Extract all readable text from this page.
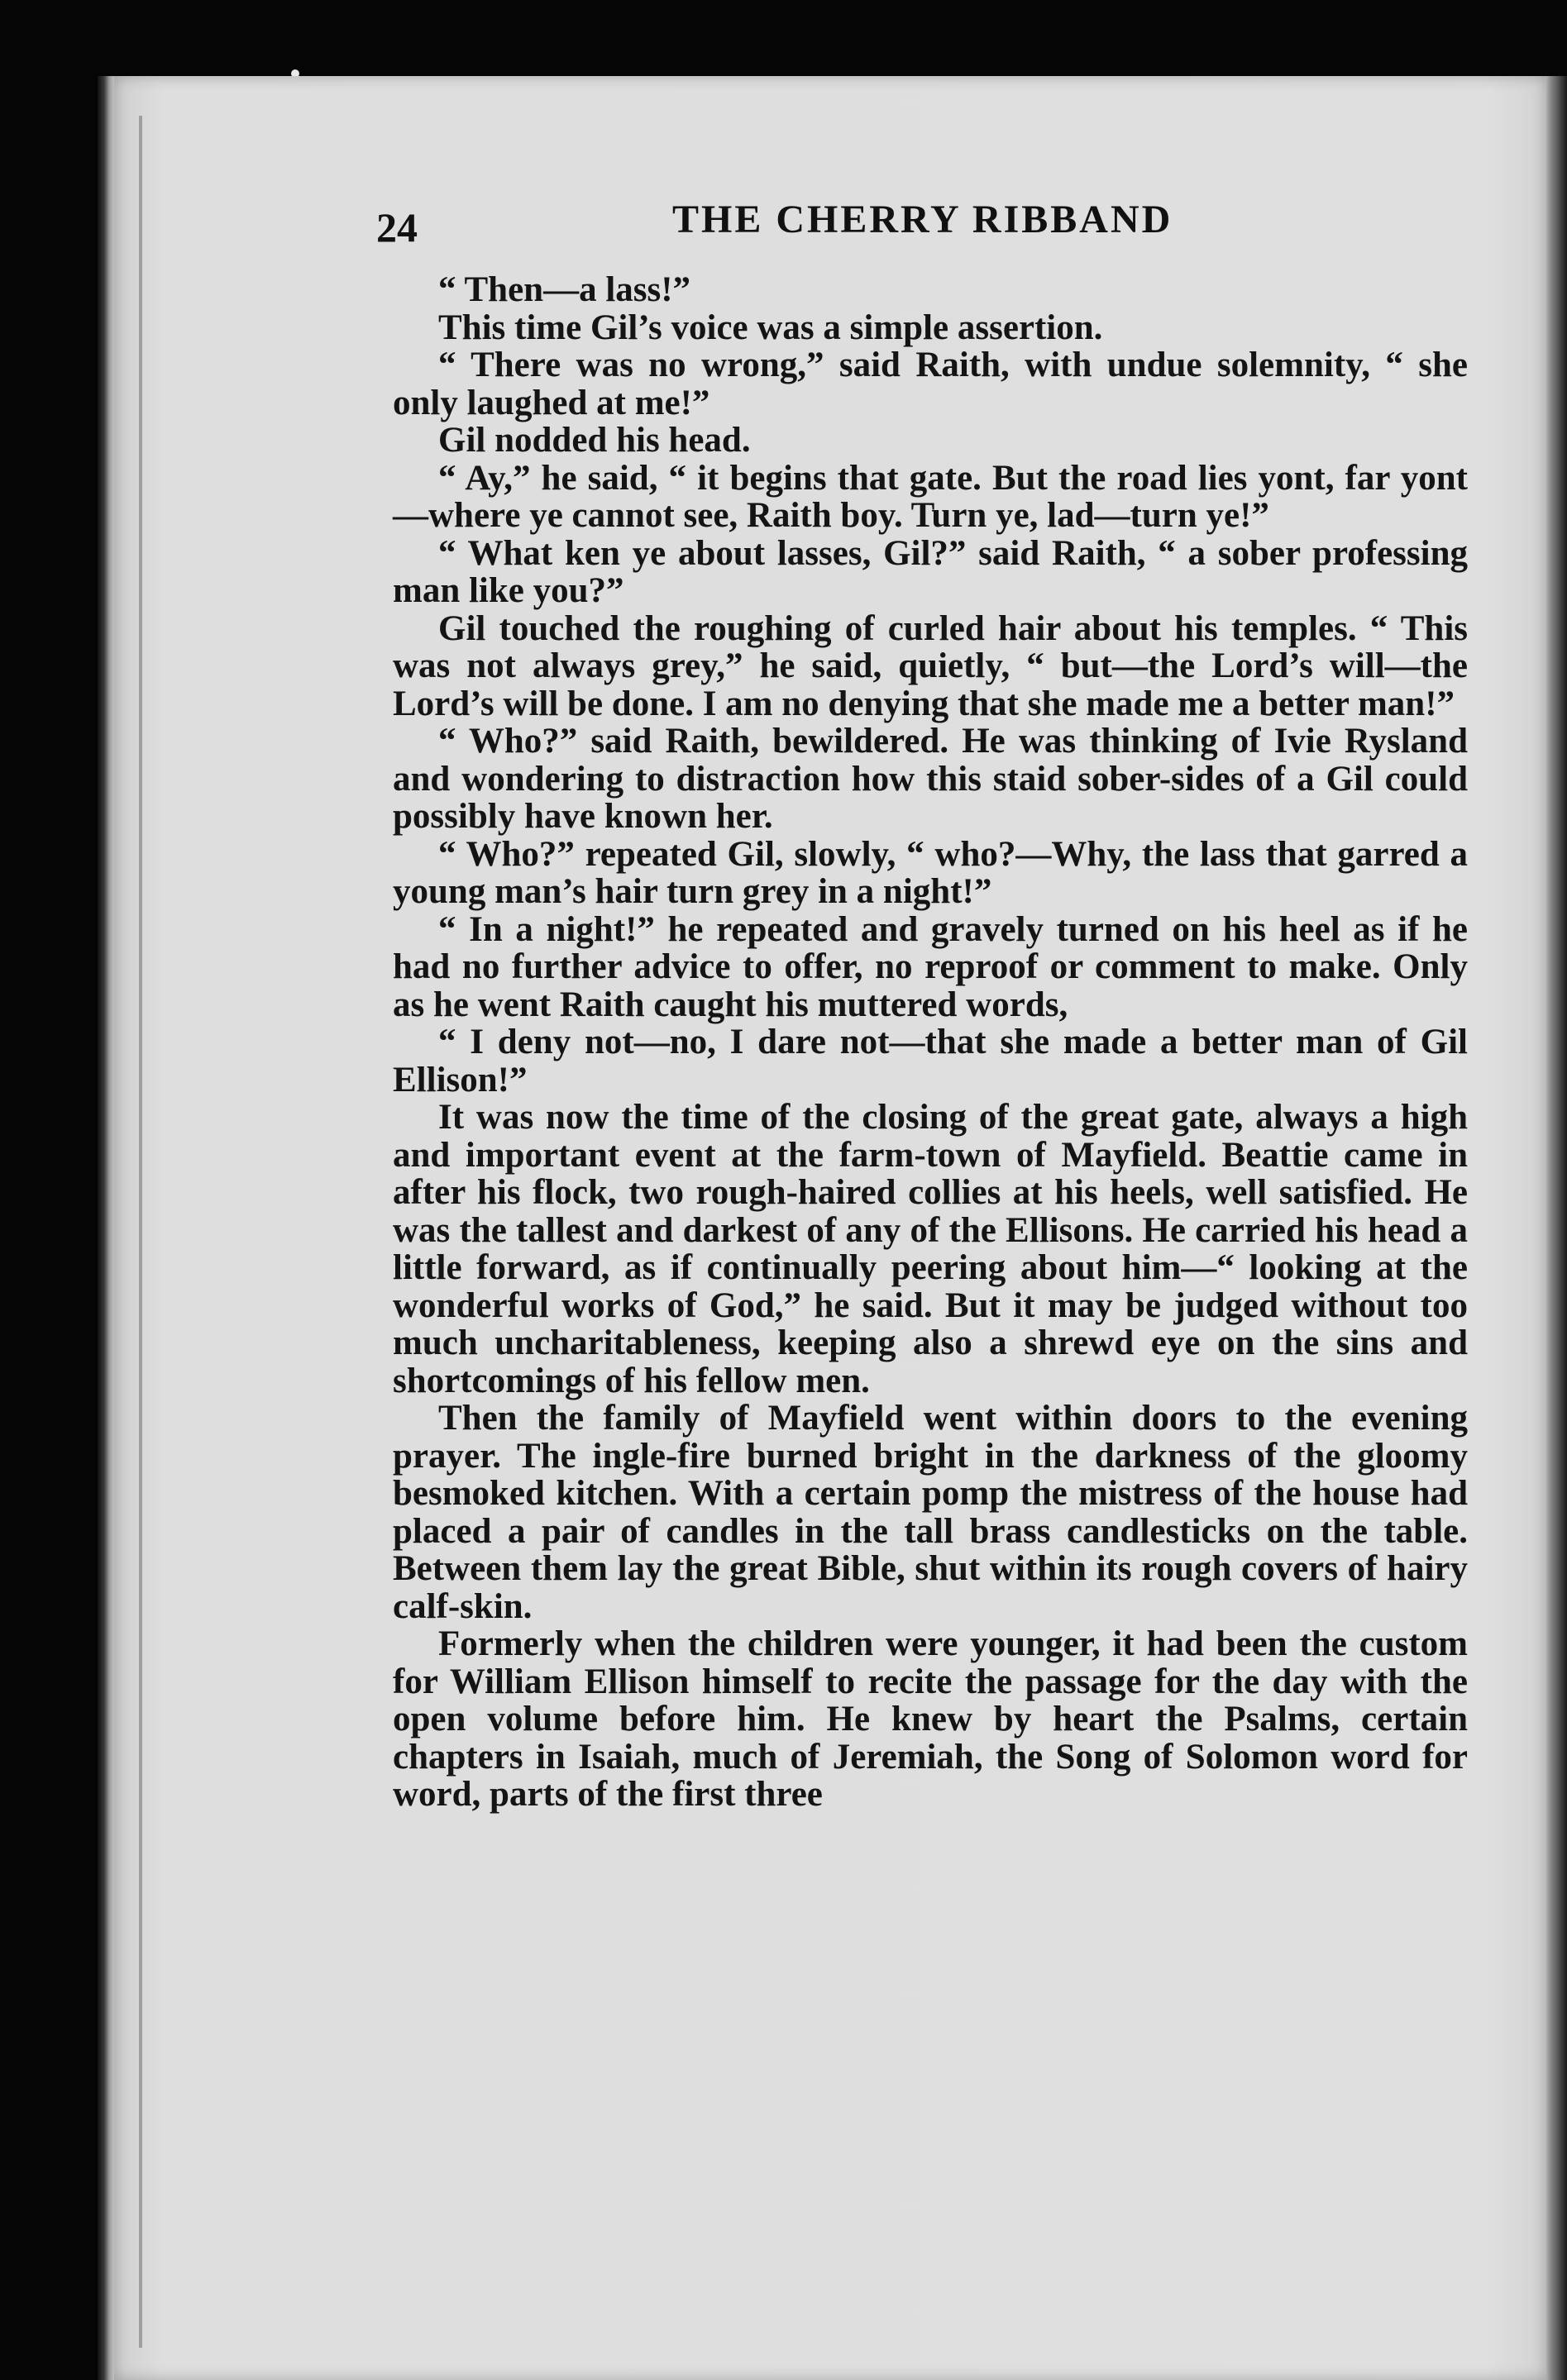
24	THE CHERRY RIBBAND

“ Then—a lass!”

This time Gil’s voice was a simple assertion.

“ There was no wrong,” said Raith, with undue solemnity, “ she only laughed at me!”

Gil nodded his head.

“ Ay,” he said, “ it begins that gate. But the road lies yont, far yont—where ye cannot see, Raith boy. Turn ye, lad—turn ye!”

“ What ken ye about lasses, Gil?” said Raith, “ a sober professing man like you?”

Gil touched the roughing of curled hair about his temples. “ This was not always grey,” he said, quietly, “ but—the Lord’s will—the Lord’s will be done. I am no denying that she made me a better man!”

“ Who?” said Raith, bewildered. He was thinking of Ivie Rysland and wondering to distraction how this staid sober-sides of a Gil could possibly have known her.

“ Who?” repeated Gil, slowly, “ who?—Why, the lass that garred a young man’s hair turn grey in a night!”

“ In a night!” he repeated and gravely turned on his heel as if he had no further advice to offer, no reproof or comment to make. Only as he went Raith caught his muttered words,

“ I deny not—no, I dare not—that she made a better man of Gil Ellison!”

It was now the time of the closing of the great gate, always a high and important event at the farm-town of Mayfield. Beattie came in after his flock, two rough-haired collies at his heels, well satisfied. He was the tallest and darkest of any of the Ellisons. He carried his head a little forward, as if continually peering about him—“ looking at the wonderful works of God,” he said. But it may be judged without too much uncharitableness, keeping also a shrewd eye on the sins and shortcomings of his fellow men.

Then the family of Mayfield went within doors to the evening prayer. The ingle-fire burned bright in the darkness of the gloomy besmoked kitchen. With a certain pomp the mistress of the house had placed a pair of candles in the tall brass candlesticks on the table. Between them lay the great Bible, shut within its rough covers of hairy calf-skin.

Formerly when the children were younger, it had been the custom for William Ellison himself to recite the passage for the day with the open volume before him. He knew by heart the Psalms, certain chapters in Isaiah, much of Jeremiah, the Song of Solomon word for word, parts of the first three
